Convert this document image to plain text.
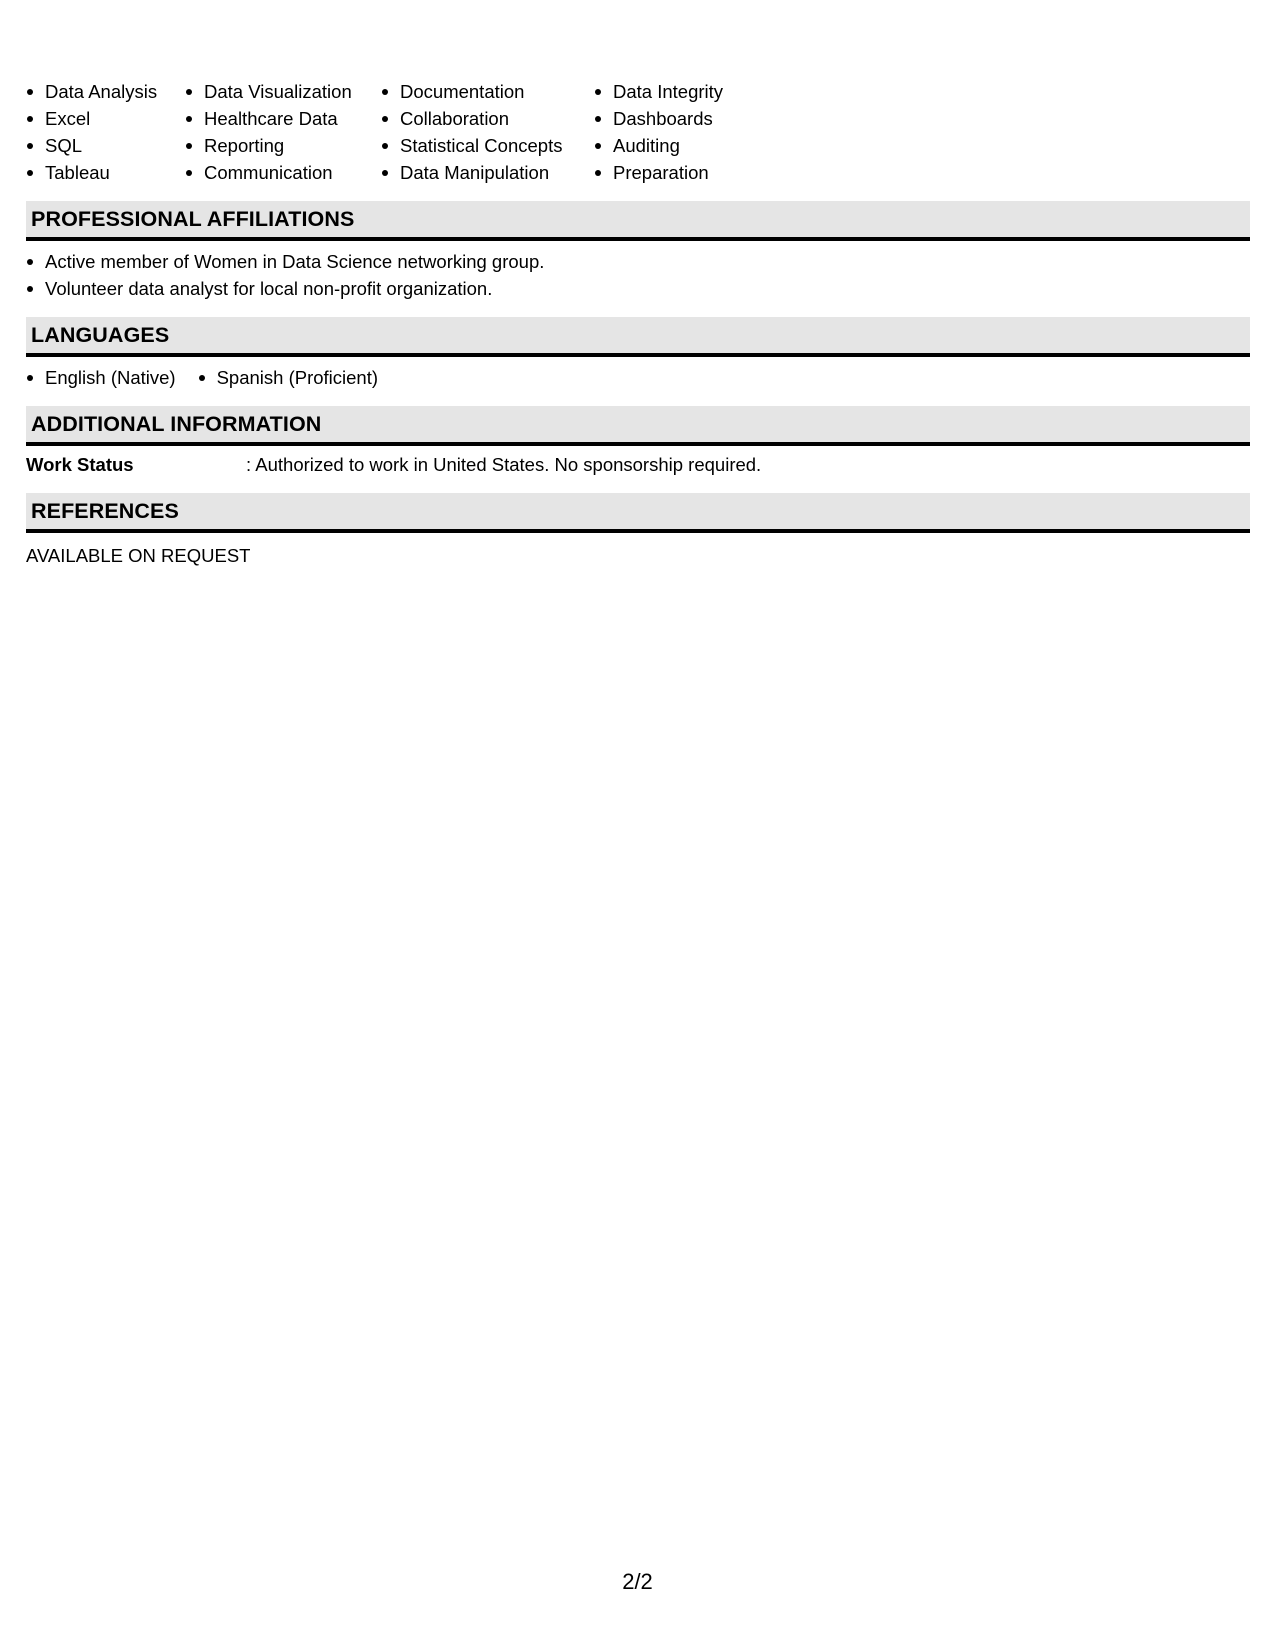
Data Analysis
Excel
SQL
Tableau
Data Visualization
Healthcare Data
Reporting
Communication
Documentation
Collaboration
Statistical Concepts
Data Manipulation
Data Integrity
Dashboards
Auditing
Preparation
PROFESSIONAL AFFILIATIONS
Active member of Women in Data Science networking group.
Volunteer data analyst for local non-profit organization.
LANGUAGES
English (Native)	Spanish (Proficient)
ADDITIONAL INFORMATION
Work Status	: Authorized to work in United States. No sponsorship required.
REFERENCES
AVAILABLE ON REQUEST
2/2
